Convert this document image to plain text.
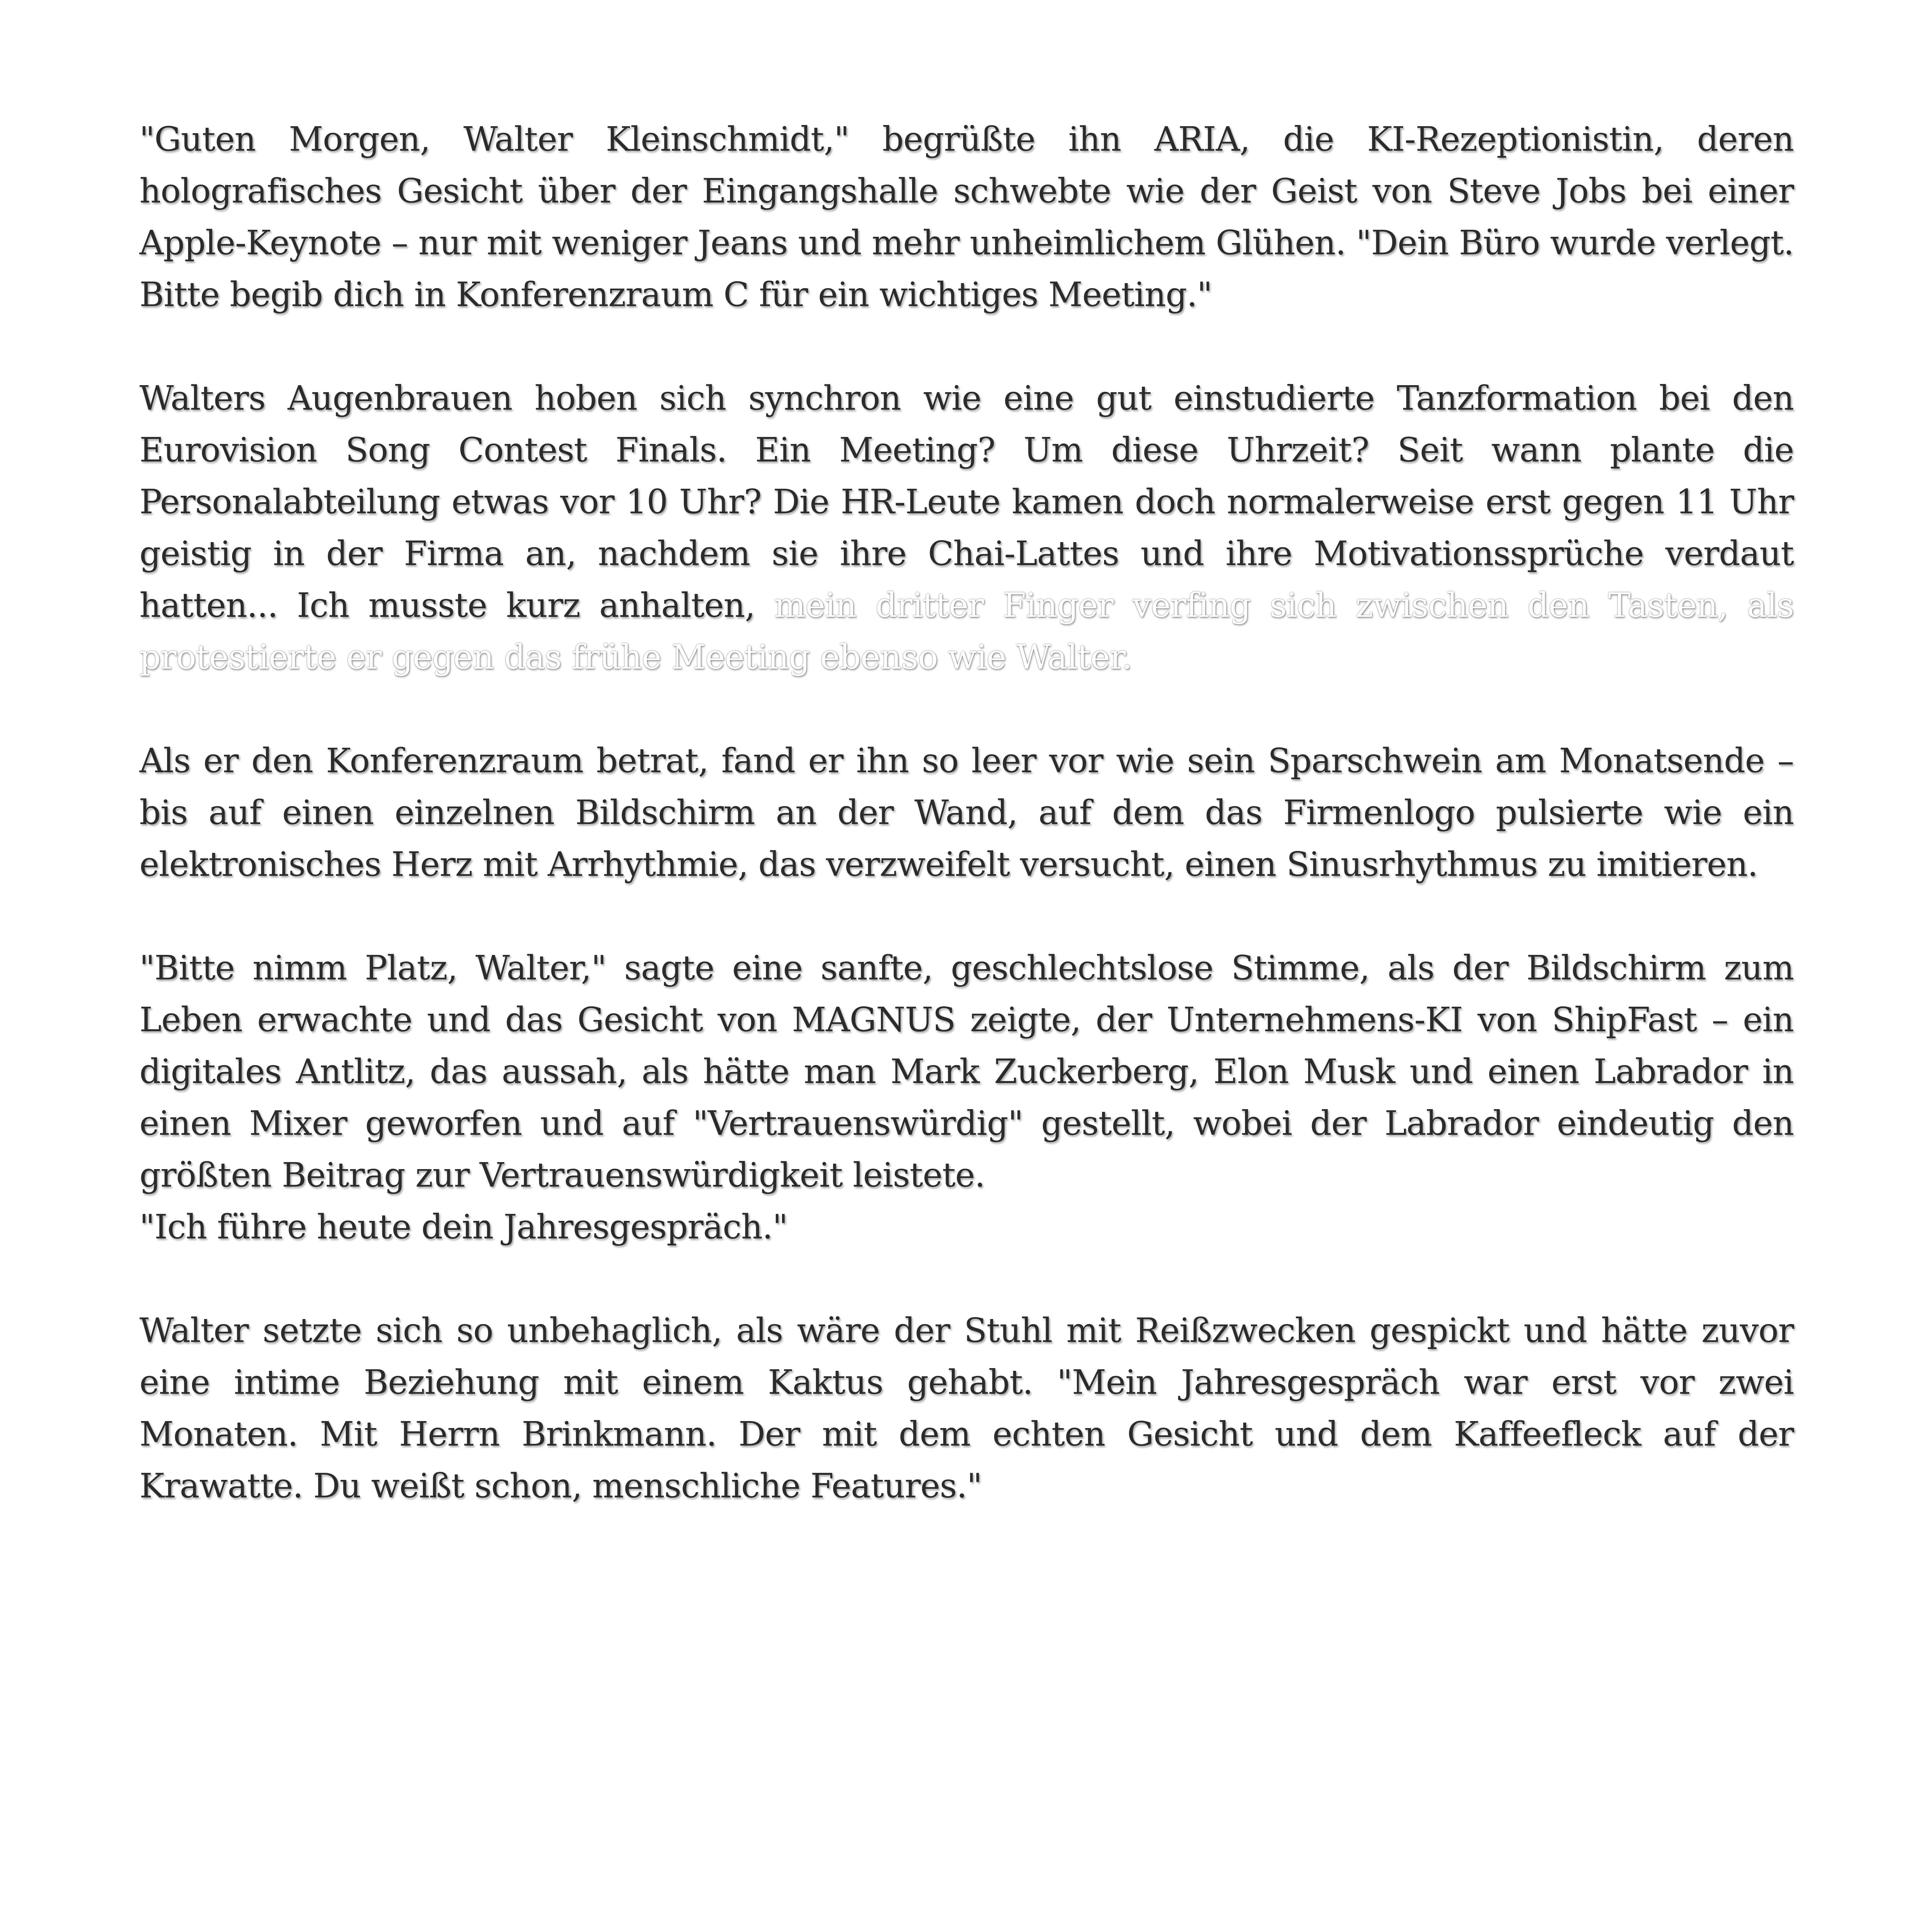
"Guten Morgen, Walter Kleinschmidt," begrüßte ihn ARIA, die KI-Rezeptionistin, deren holografisches Gesicht über der Eingangshalle schwebte wie der Geist von Steve Jobs bei einer Apple-Keynote – nur mit weniger Jeans und mehr unheimlichem Glühen. "Dein Büro wurde verlegt. Bitte begib dich in Konferenzraum C für ein wichtiges Meeting."

Walters Augenbrauen hoben sich synchron wie eine gut einstudierte Tanzformation bei den Eurovision Song Contest Finals. Ein Meeting? Um diese Uhrzeit? Seit wann plante die Personalabteilung etwas vor 10 Uhr? Die HR-Leute kamen doch normalerweise erst gegen 11 Uhr geistig in der Firma an, nachdem sie ihre Chai-Lattes und ihre Motivationssprüche verdaut hatten... Ich musste kurz anhalten, mein dritter Finger verfing sich zwischen den Tasten, als protestierte er gegen das frühe Meeting ebenso wie Walter.

Als er den Konferenzraum betrat, fand er ihn so leer vor wie sein Sparschwein am Monatsende – bis auf einen einzelnen Bildschirm an der Wand, auf dem das Firmenlogo pulsierte wie ein elektronisches Herz mit Arrhythmie, das verzweifelt versucht, einen Sinusrhythmus zu imitieren.

"Bitte nimm Platz, Walter," sagte eine sanfte, geschlechtslose Stimme, als der Bildschirm zum Leben erwachte und das Gesicht von MAGNUS zeigte, der Unternehmens-KI von ShipFast – ein digitales Antlitz, das aussah, als hätte man Mark Zuckerberg, Elon Musk und einen Labrador in einen Mixer geworfen und auf "Vertrauenswürdig" gestellt, wobei der Labrador eindeutig den größten Beitrag zur Vertrauenswürdigkeit leistete.
"Ich führe heute dein Jahresgespräch."

Walter setzte sich so unbehaglich, als wäre der Stuhl mit Reißzwecken gespickt und hätte zuvor eine intime Beziehung mit einem Kaktus gehabt. "Mein Jahresgespräch war erst vor zwei Monaten. Mit Herrn Brinkmann. Der mit dem echten Gesicht und dem Kaffeefleck auf der Krawatte. Du weißt schon, menschliche Features."
